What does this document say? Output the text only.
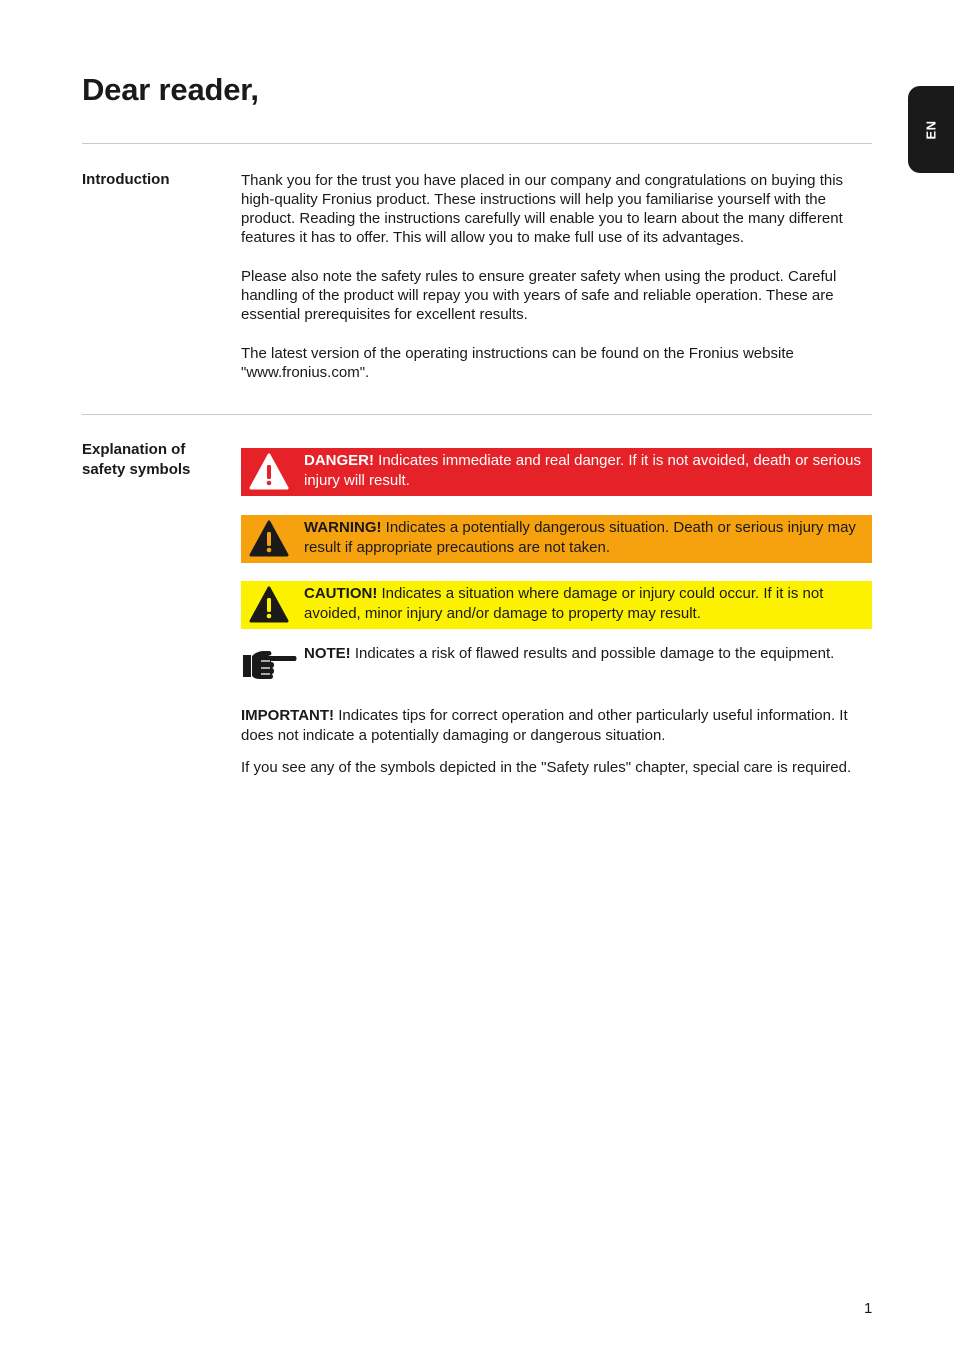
Dear reader,
EN
Introduction	Thank you for the trust you have placed in our company and congratulations on buying this high-quality Fronius product. These instructions will help you familiarise yourself with the product. Reading the instructions carefully will enable you to learn about the many different features it has to offer. This will allow you to make full use of its advantages.

Please also note the safety rules to ensure greater safety when using the product. Careful handling of the product will repay you with years of safe and reliable operation. These are essential prerequisites for excellent results.

The latest version of the operating instructions can be found on the Fronius website "www.fronius.com".

Explanation of
safety symbols
DANGER! Indicates immediate and real danger. If it is not avoided, death or serious injury will result.
WARNING! Indicates a potentially dangerous situation. Death or serious injury may result if appropriate precautions are not taken.
CAUTION! Indicates a situation where damage or injury could occur. If it is not avoided, minor injury and/or damage to property may result.
NOTE! Indicates a risk of flawed results and possible damage to the equipment.

IMPORTANT! Indicates tips for correct operation and other particularly useful information. It does not indicate a potentially damaging or dangerous situation.

If you see any of the symbols depicted in the "Safety rules" chapter, special care is required.

1
